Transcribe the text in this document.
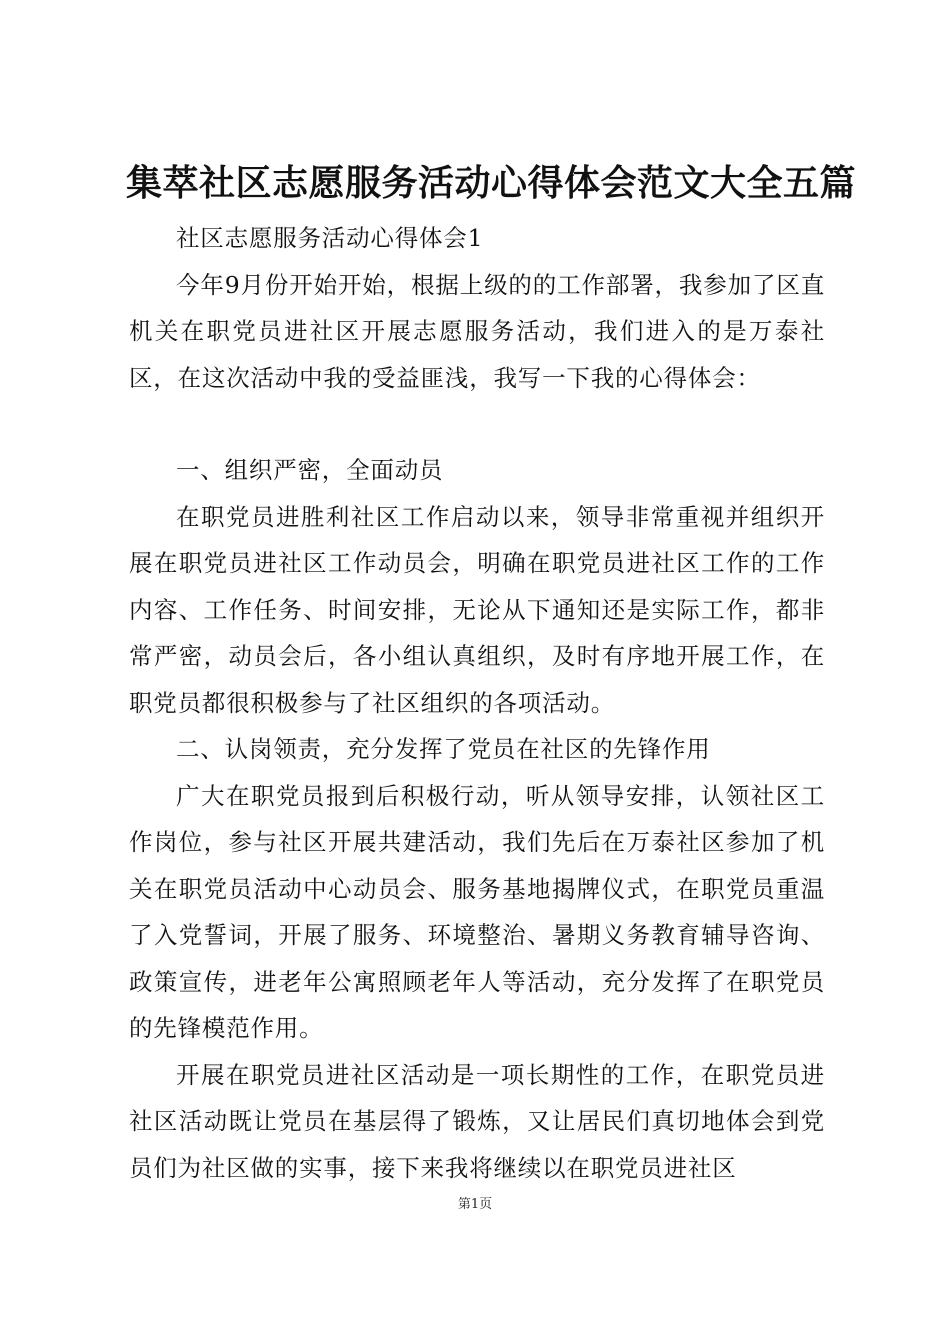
集萃社区志愿服务活动心得体会范文大全五篇

社区志愿服务活动心得体会1

今年9月份开始开始，根据上级的的工作部署，我参加了区直机关在职党员进社区开展志愿服务活动，我们进入的是万泰社区，在这次活动中我的受益匪浅，我写一下我的心得体会：

一、组织严密，全面动员

在职党员进胜利社区工作启动以来，领导非常重视并组织开展在职党员进社区工作动员会，明确在职党员进社区工作的工作内容、工作任务、时间安排，无论从下通知还是实际工作，都非常严密，动员会后，各小组认真组织，及时有序地开展工作，在职党员都很积极参与了社区组织的各项活动。

二、认岗领责，充分发挥了党员在社区的先锋作用

广大在职党员报到后积极行动，听从领导安排，认领社区工作岗位，参与社区开展共建活动，我们先后在万泰社区参加了机关在职党员活动中心动员会、服务基地揭牌仪式，在职党员重温了入党誓词，开展了服务、环境整治、暑期义务教育辅导咨询、政策宣传，进老年公寓照顾老年人等活动，充分发挥了在职党员的先锋模范作用。

开展在职党员进社区活动是一项长期性的工作，在职党员进社区活动既让党员在基层得了锻炼，又让居民们真切地体会到党员们为社区做的实事，接下来我将继续以在职党员进社区

第1页
